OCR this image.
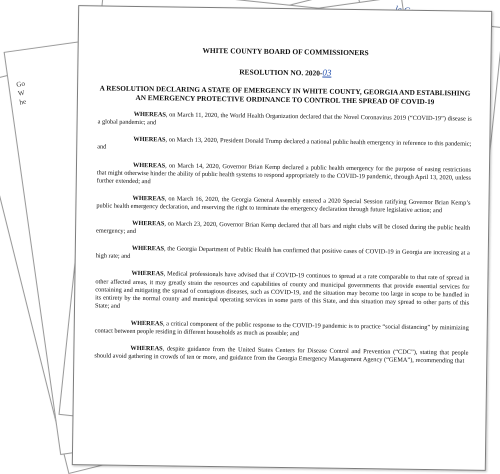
Go
W
he

WHITE COUNTY BOARD OF COMMISSIONERS

RESOLUTION NO. 2020-03
A RESOLUTION DECLARING A STATE OF EMERGENCY IN WHITE COUNTY, GEORGIA AND ESTABLISHING AN EMERGENCY PROTECTIVE ORDINANCE TO CONTROL THE SPREAD OF COVID-19

WHEREAS, on March 11, 2020, the World Health Organization declared that the Novel Coronavirus 2019 (“COVID-19”) disease is a global pandemic; and

WHEREAS, on March 13, 2020, President Donald Trump declared a national public health emergency in reference to this pandemic; and

WHEREAS, on March 14, 2020, Governor Brian Kemp declared a public health emergency for the purpose of easing restrictions that might otherwise hinder the ability of public health systems to respond appropriately to the COVID-19 pandemic, through April 13, 2020, unless further extended; and

WHEREAS, on March 16, 2020, the Georgia General Assembly entered a 2020 Special Session ratifying Governor Brian Kemp’s public health emergency declaration, and reserving the right to terminate the emergency declaration through future legislative action; and

WHEREAS, on March 23, 2020, Governor Brian Kemp declared that all bars and night clubs will be closed during the public health emergency; and

WHEREAS, the Georgia Department of Public Health has confirmed that positive cases of COVID-19 in Georgia are increasing at a high rate; and

WHEREAS, Medical professionals have advised that if COVID-19 continues to spread at a rate comparable to that rate of spread in other affected areas, it may greatly strain the resources and capabilities of county and municipal governments that provide essential services for containing and mitigating the spread of contagious diseases, such as COVID-19, and the situation may become too large in scope to be handled in its entirety by the normal county and municipal operating services in some parts of this State, and this situation may spread to other parts of this State; and

WHEREAS, a critical component of the public response to the COVID-19 pandemic is to practice “social distancing” by minimizing contact between people residing in different households as much as possible; and

WHEREAS, despite guidance from the United States Centers for Disease Control and Prevention (“CDC”), stating that people should avoid gathering in crowds of ten or more, and guidance from the Georgia Emergency Management Agency (“GEMA”), recommending that
